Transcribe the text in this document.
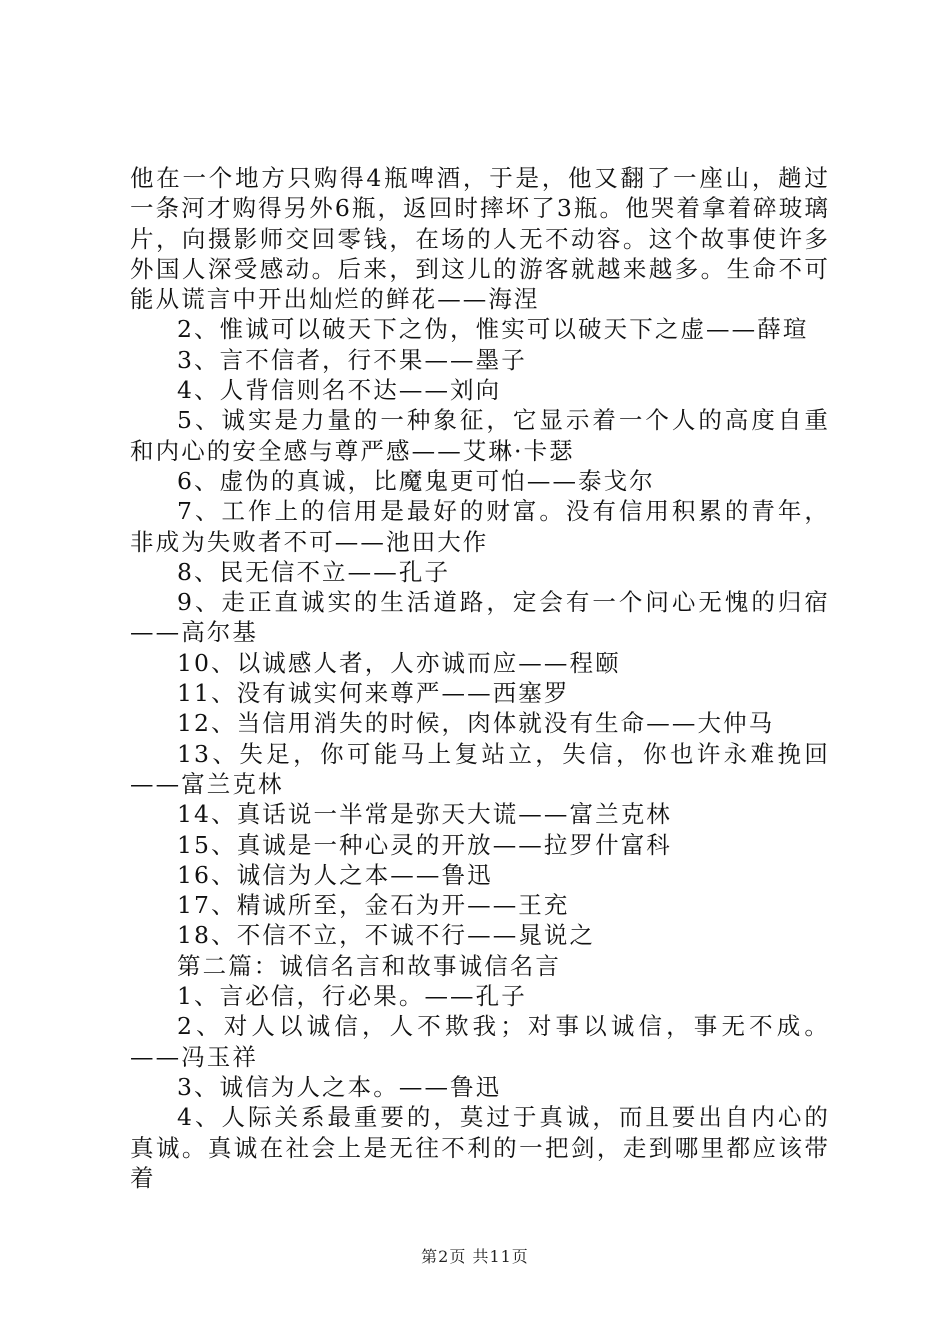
他在一个地方只购得4瓶啤酒，于是，他又翻了一座山，趟过一条河才购得另外6瓶，返回时摔坏了3瓶。他哭着拿着碎玻璃片，向摄影师交回零钱，在场的人无不动容。这个故事使许多外国人深受感动。后来，到这儿的游客就越来越多。生命不可能从谎言中开出灿烂的鲜花——海涅

2、惟诚可以破天下之伪，惟实可以破天下之虚——薛瑄

3、言不信者，行不果——墨子

4、人背信则名不达——刘向

5、诚实是力量的一种象征，它显示着一个人的高度自重和内心的安全感与尊严感——艾琳·卡瑟

6、虚伪的真诚，比魔鬼更可怕——泰戈尔

7、工作上的信用是最好的财富。没有信用积累的青年，非成为失败者不可——池田大作

8、民无信不立——孔子

9、走正直诚实的生活道路，定会有一个问心无愧的归宿——高尔基

10、以诚感人者，人亦诚而应——程颐

11、没有诚实何来尊严——西塞罗

12、当信用消失的时候，肉体就没有生命——大仲马

13、失足，你可能马上复站立，失信，你也许永难挽回——富兰克林

14、真话说一半常是弥天大谎——富兰克林

15、真诚是一种心灵的开放——拉罗什富科

16、诚信为人之本——鲁迅

17、精诚所至，金石为开——王充

18、不信不立，不诚不行——晁说之

第二篇：诚信名言和故事诚信名言

1、言必信，行必果。——孔子

2、对人以诚信，人不欺我；对事以诚信，事无不成。——冯玉祥

3、诚信为人之本。——鲁迅

4、人际关系最重要的，莫过于真诚，而且要出自内心的真诚。真诚在社会上是无往不利的一把剑，走到哪里都应该带着

第2页 共11页
